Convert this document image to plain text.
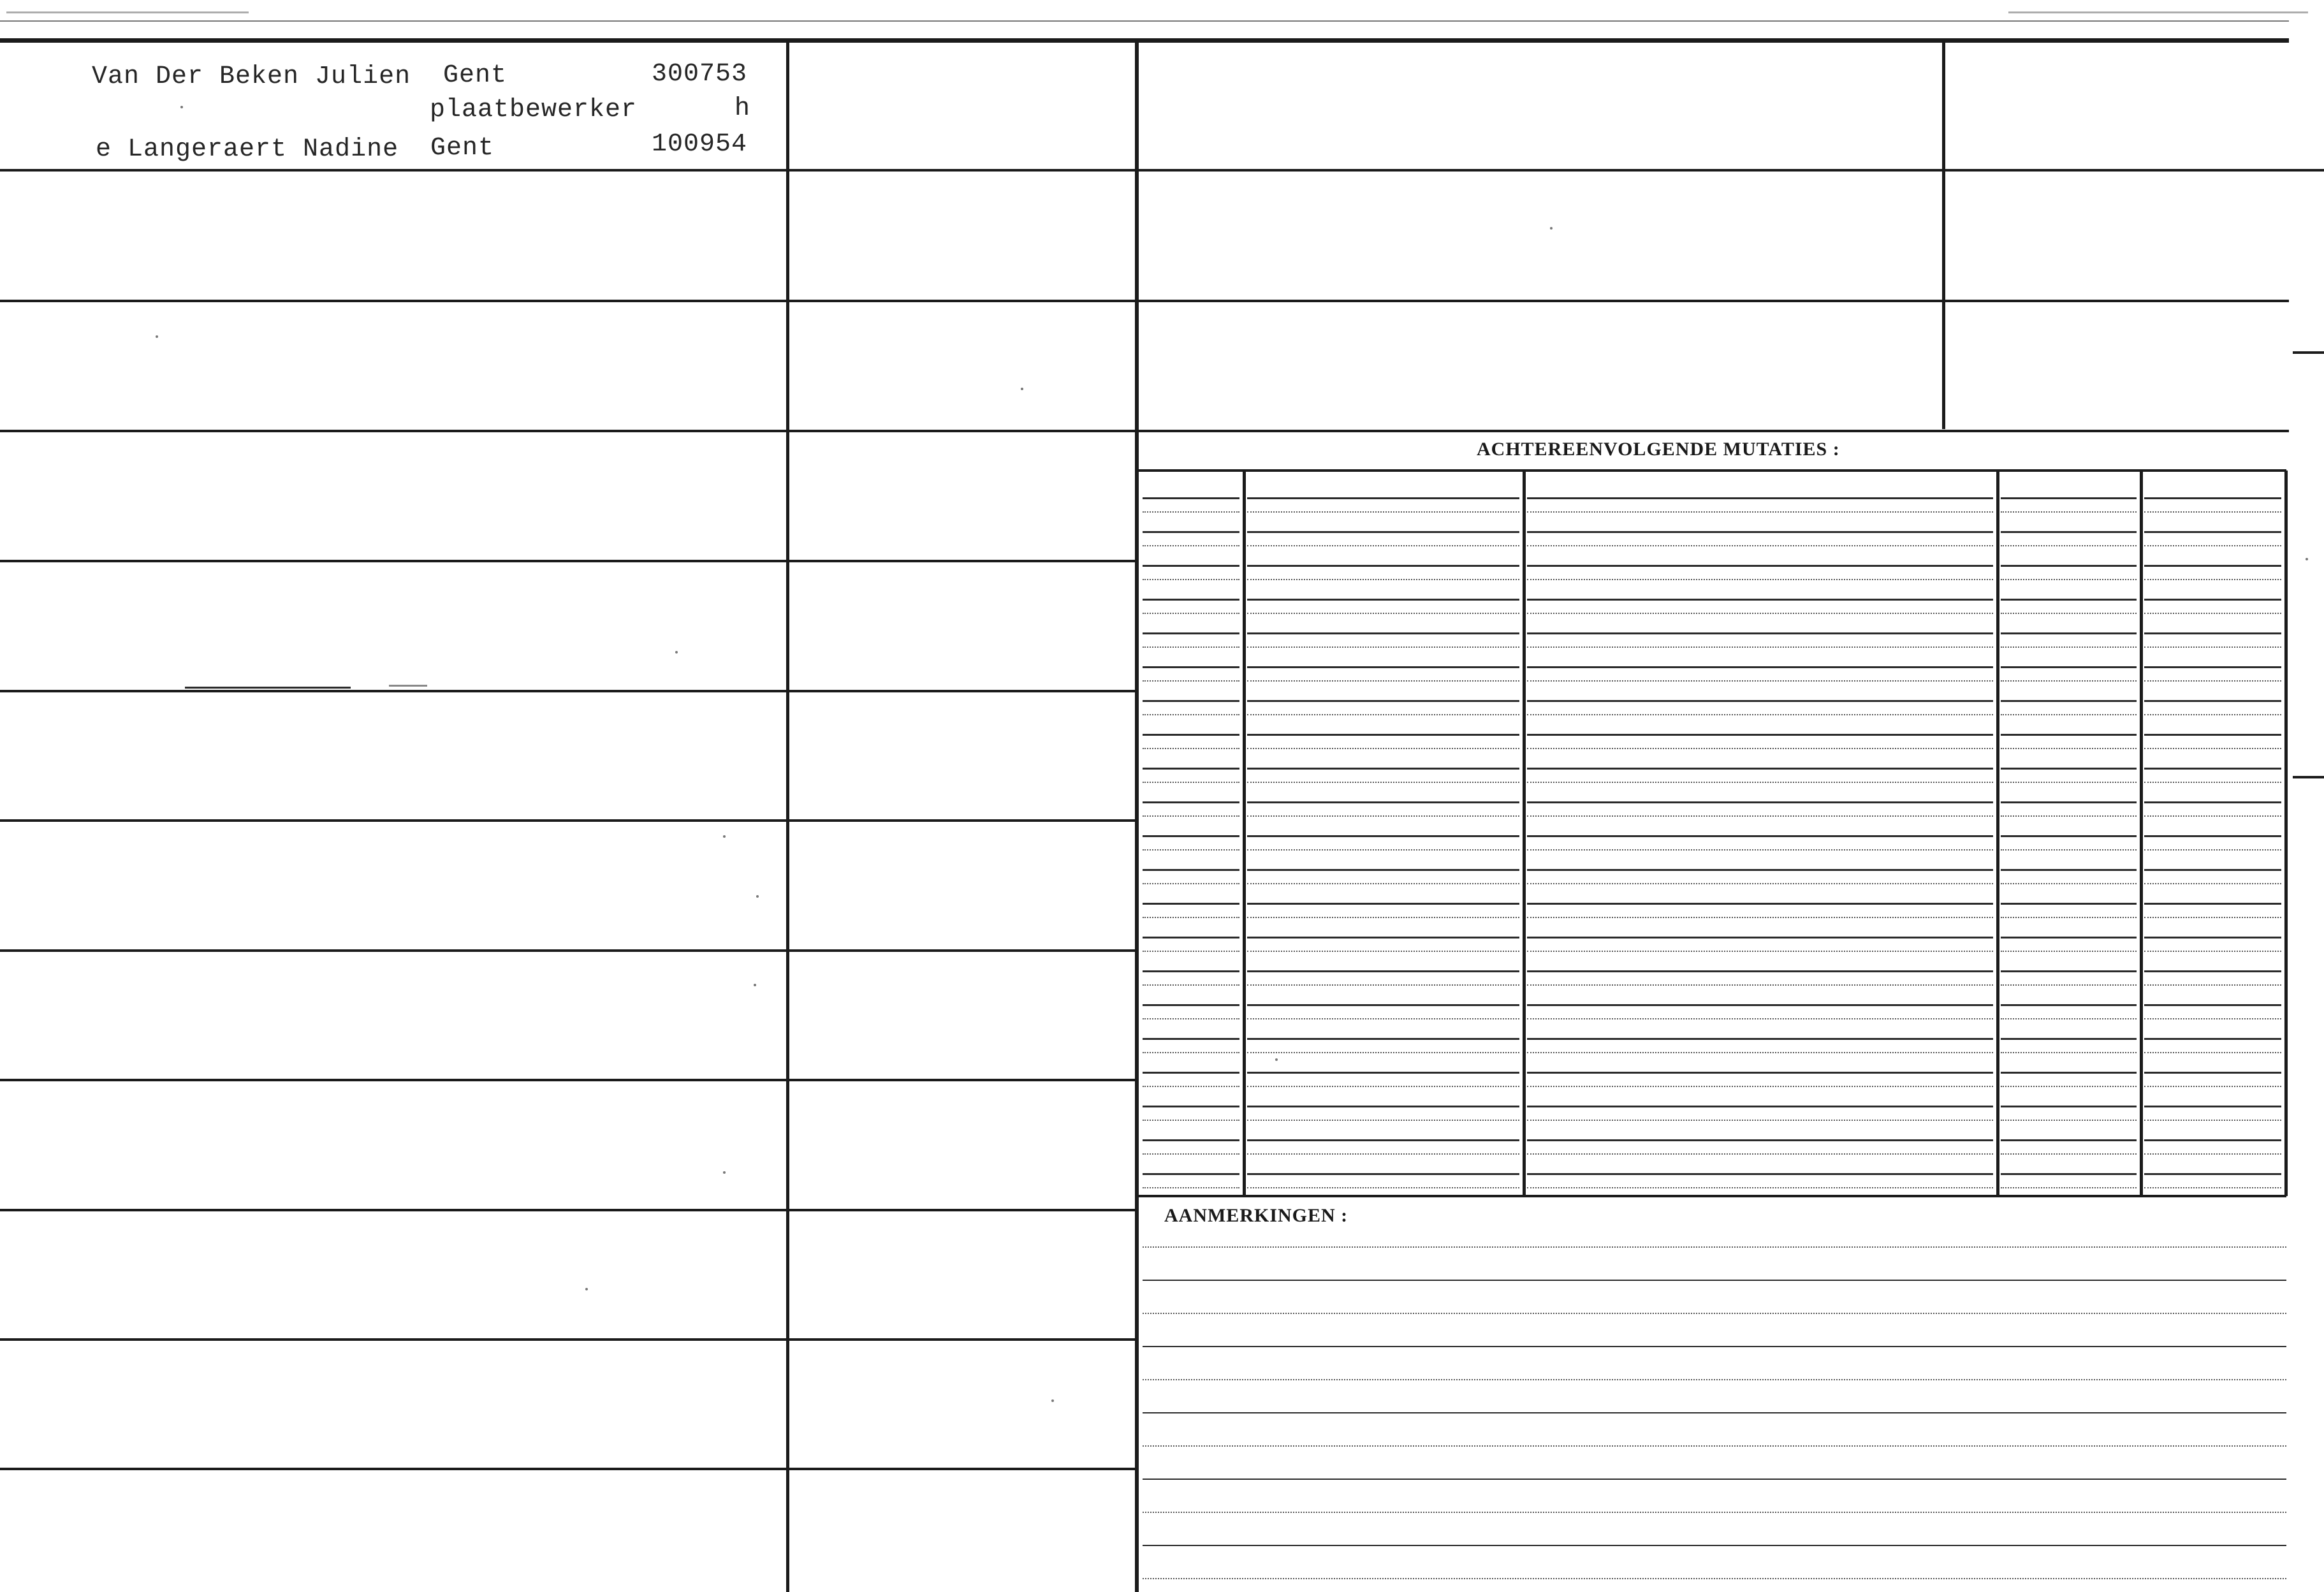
Van Der Beken Julien Gent	300753
plaatbewerker	h
e Langeraert Nadine Gent	100954
ACHTEREENVOLGENDE MUTATIES :
AANMERKINGEN :
